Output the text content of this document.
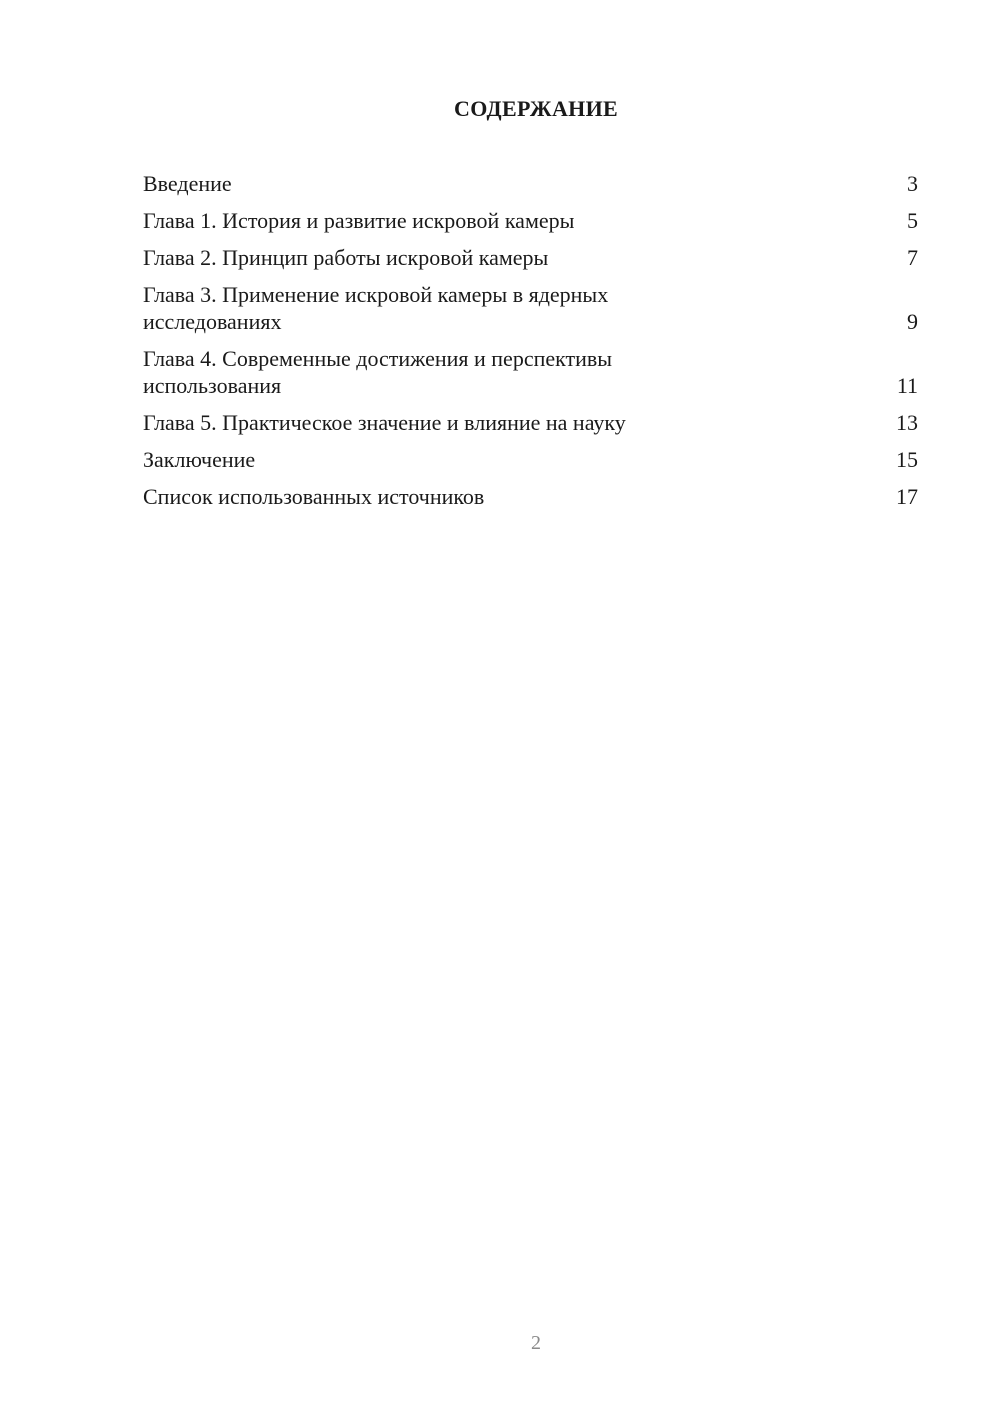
СОДЕРЖАНИЕ
Введение	3
Глава 1. История и развитие искровой камеры	5
Глава 2. Принцип работы искровой камеры	7
Глава 3. Применение искровой камеры в ядерных исследованиях	9
Глава 4. Современные достижения и перспективы использования	11
Глава 5. Практическое значение и влияние на науку	13
Заключение	15
Список использованных источников	17
2
